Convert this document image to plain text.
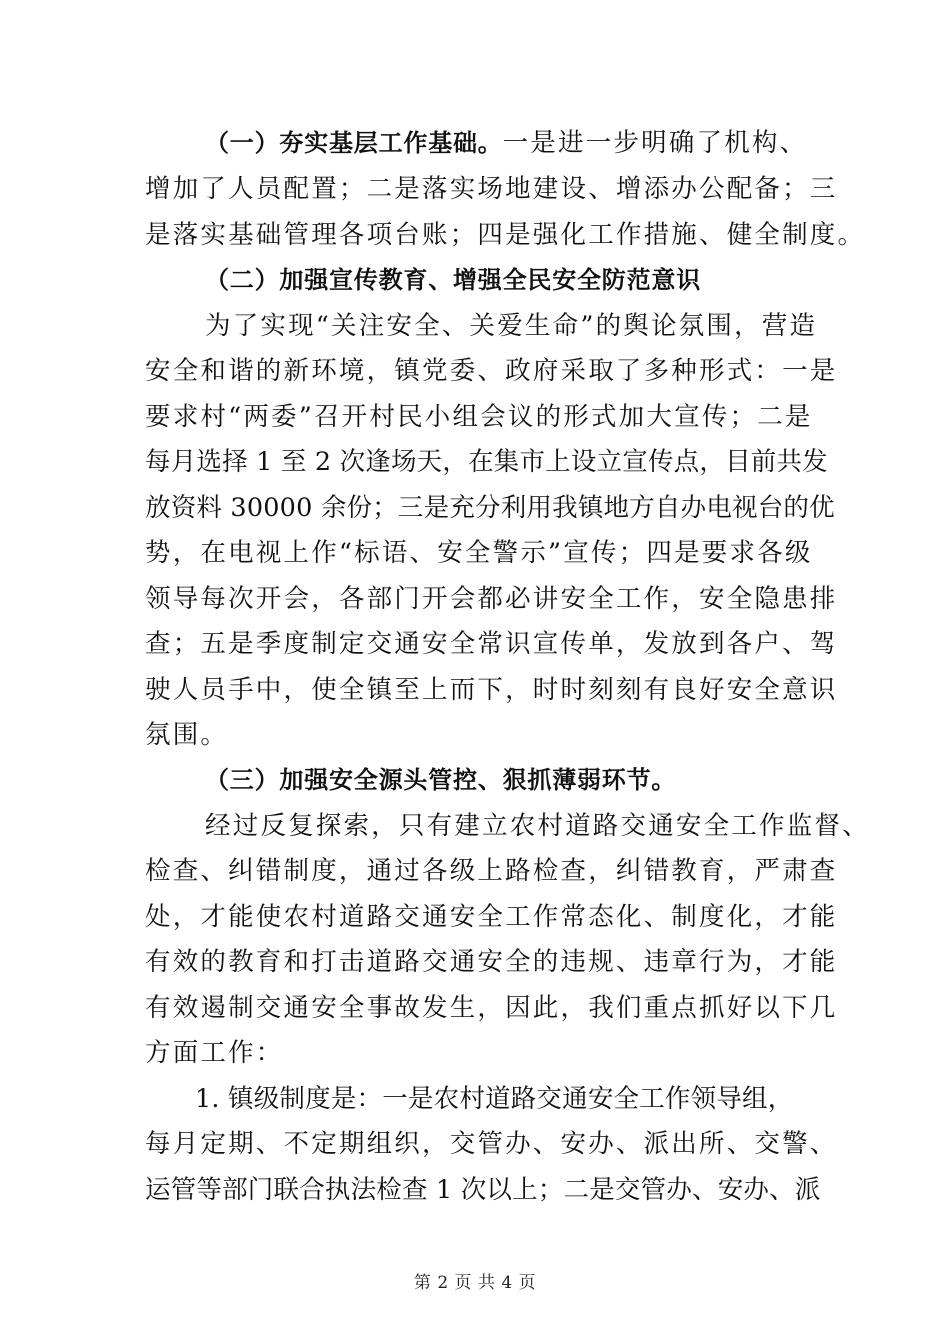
（一）夯实基层工作基础。一是进一步明确了机构、
增加了人员配置；二是落实场地建设、增添办公配备；三
是落实基础管理各项台账；四是强化工作措施、健全制度。
（二）加强宣传教育、增强全民安全防范意识
为了实现“关注安全、关爱生命”的舆论氛围，营造
安全和谐的新环境，镇党委、政府采取了多种形式：一是
要求村“两委”召开村民小组会议的形式加大宣传；二是
每月选择 1 至 2 次逢场天，在集市上设立宣传点，目前共发
放资料 30000 余份；三是充分利用我镇地方自办电视台的优
势，在电视上作“标语、安全警示”宣传；四是要求各级
领导每次开会，各部门开会都必讲安全工作，安全隐患排
查；五是季度制定交通安全常识宣传单，发放到各户、驾
驶人员手中，使全镇至上而下，时时刻刻有良好安全意识
氛围。
（三）加强安全源头管控、狠抓薄弱环节。
经过反复探索，只有建立农村道路交通安全工作监督、
检查、纠错制度，通过各级上路检查，纠错教育，严肃查
处，才能使农村道路交通安全工作常态化、制度化，才能
有效的教育和打击道路交通安全的违规、违章行为，才能
有效遏制交通安全事故发生，因此，我们重点抓好以下几
方面工作：
1. 镇级制度是：一是农村道路交通安全工作领导组，
每月定期、不定期组织，交管办、安办、派出所、交警、
运管等部门联合执法检查 1 次以上；二是交管办、安办、派
第 2 页 共 4 页
